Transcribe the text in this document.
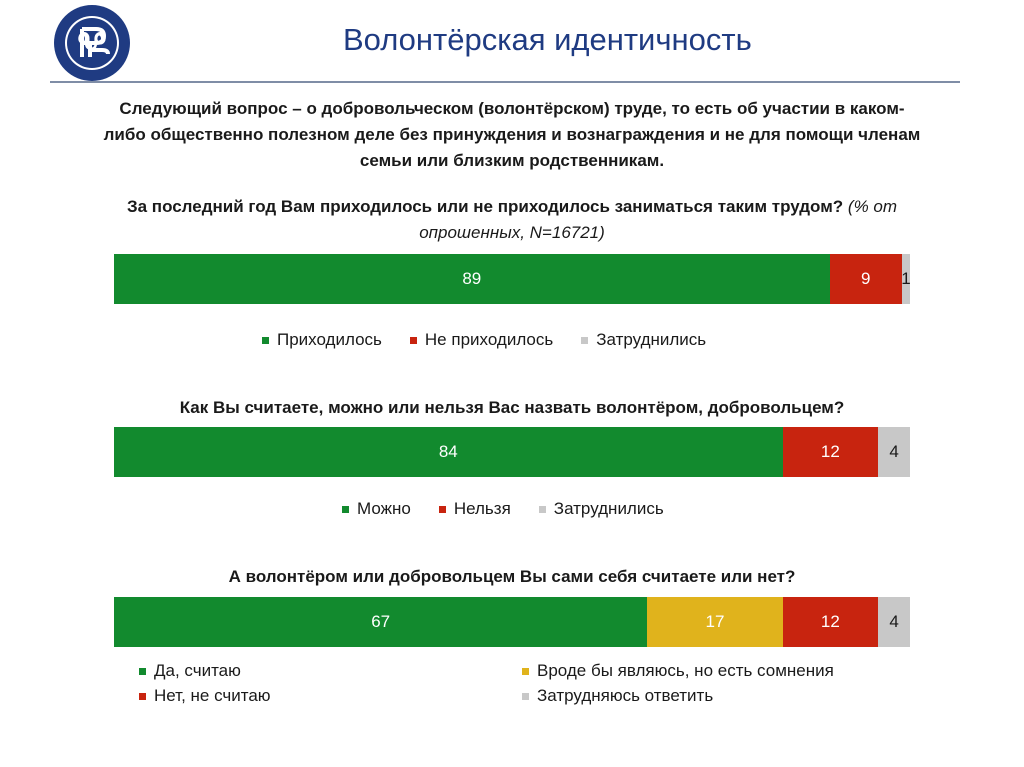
Ⰲ	Волонтёрская идентичность
Следующий вопрос – о добровольческом (волонтёрском) труде, то есть об участии в каком-либо общественно полезном деле без принуждения и вознаграждения и не для помощи членам семьи или близким родственникам.
За последний год Вам приходилось или не приходилось заниматься таким трудом? (% от опрошенных, N=16721)
89	9 1
Приходилось	Не приходилось	Затруднились
Как Вы считаете, можно или нельзя Вас назвать волонтёром, добровольцем?
84	12	4
Можно	Нельзя	Затруднились
А волонтёром или добровольцем Вы сами себя считаете или нет?
67	17	12	4
Да, считаю	Вроде бы являюсь, но есть сомнения
Нет, не считаю	Затрудняюсь ответить
